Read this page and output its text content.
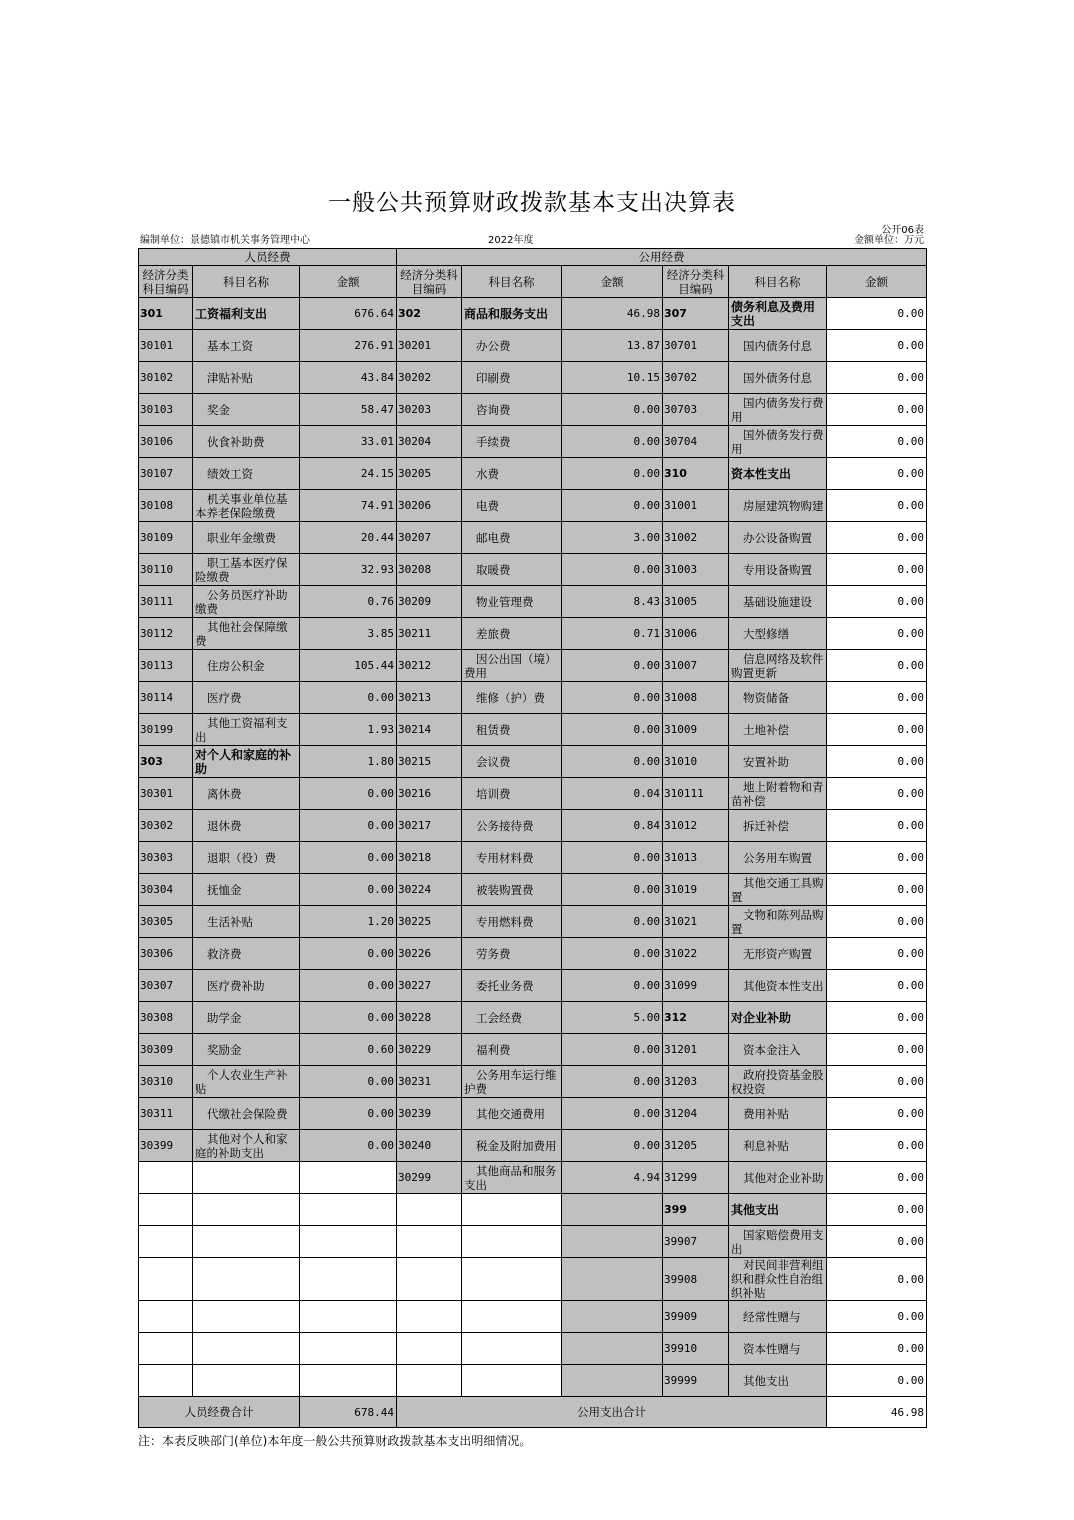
一般公共预算财政拨款基本支出决算表
公开06表
编制单位：景德镇市机关事务管理中心	2022年度	金额单位：万元
人员经费			公用经费					
经济分类科目编码	科目名称	金额	经济分类科目编码	科目名称	金额	经济分类科目编码	科目名称	金额
301	工资福利支出	676.64	302	商品和服务支出	46.98	307	债务利息及费用支出	0.00
30101	基本工资	276.91	30201	办公费	13.87	30701	国内债务付息	0.00
30102	津贴补贴	43.84	30202	印刷费	10.15	30702	国外债务付息	0.00
30103	奖金	58.47	30203	咨询费	0.00	30703	国内债务发行费用	0.00
30106	伙食补助费	33.01	30204	手续费	0.00	30704	国外债务发行费用	0.00
30107	绩效工资	24.15	30205	水费	0.00	310	资本性支出	0.00
30108	机关事业单位基本养老保险缴费	74.91	30206	电费	0.00	31001	房屋建筑物购建	0.00
30109	职业年金缴费	20.44	30207	邮电费	3.00	31002	办公设备购置	0.00
30110	职工基本医疗保险缴费	32.93	30208	取暖费	0.00	31003	专用设备购置	0.00
30111	公务员医疗补助缴费	0.76	30209	物业管理费	8.43	31005	基础设施建设	0.00
30112	其他社会保障缴费	3.85	30211	差旅费	0.71	31006	大型修缮	0.00
30113	住房公积金	105.44	30212	因公出国（境）费用	0.00	31007	信息网络及软件购置更新	0.00
30114	医疗费	0.00	30213	维修（护）费	0.00	31008	物资储备	0.00
30199	其他工资福利支出	1.93	30214	租赁费	0.00	31009	土地补偿	0.00
303	对个人和家庭的补助	1.80	30215	会议费	0.00	31010	安置补助	0.00
30301	离休费	0.00	30216	培训费	0.04	310111	地上附着物和青苗补偿	0.00
30302	退休费	0.00	30217	公务接待费	0.84	31012	拆迁补偿	0.00
30303	退职（役）费	0.00	30218	专用材料费	0.00	31013	公务用车购置	0.00
30304	抚恤金	0.00	30224	被装购置费	0.00	31019	其他交通工具购置	0.00
30305	生活补贴	1.20	30225	专用燃料费	0.00	31021	文物和陈列品购置	0.00
30306	救济费	0.00	30226	劳务费	0.00	31022	无形资产购置	0.00
30307	医疗费补助	0.00	30227	委托业务费	0.00	31099	其他资本性支出	0.00
30308	助学金	0.00	30228	工会经费	5.00	312	对企业补助	0.00
30309	奖励金	0.60	30229	福利费	0.00	31201	资本金注入	0.00
30310	个人农业生产补贴	0.00	30231	公务用车运行维护费	0.00	31203	政府投资基金股权投资	0.00
30311	代缴社会保险费	0.00	30239	其他交通费用	0.00	31204	费用补贴	0.00
30399	其他对个人和家庭的补助支出	0.00	30240	税金及附加费用	0.00	31205	利息补贴	0.00
			30299	其他商品和服务支出	4.94	31299	其他对企业补助	0.00
						399	其他支出	0.00
						39907	国家赔偿费用支出	0.00
						39908	对民间非营利组织和群众性自治组织补贴	0.00
						39909	经常性赠与	0.00
						39910	资本性赠与	0.00
						39999	其他支出	0.00
人员经费合计		678.44	公用支出合计					46.98
注：本表反映部门(单位)本年度一般公共预算财政拨款基本支出明细情况。
